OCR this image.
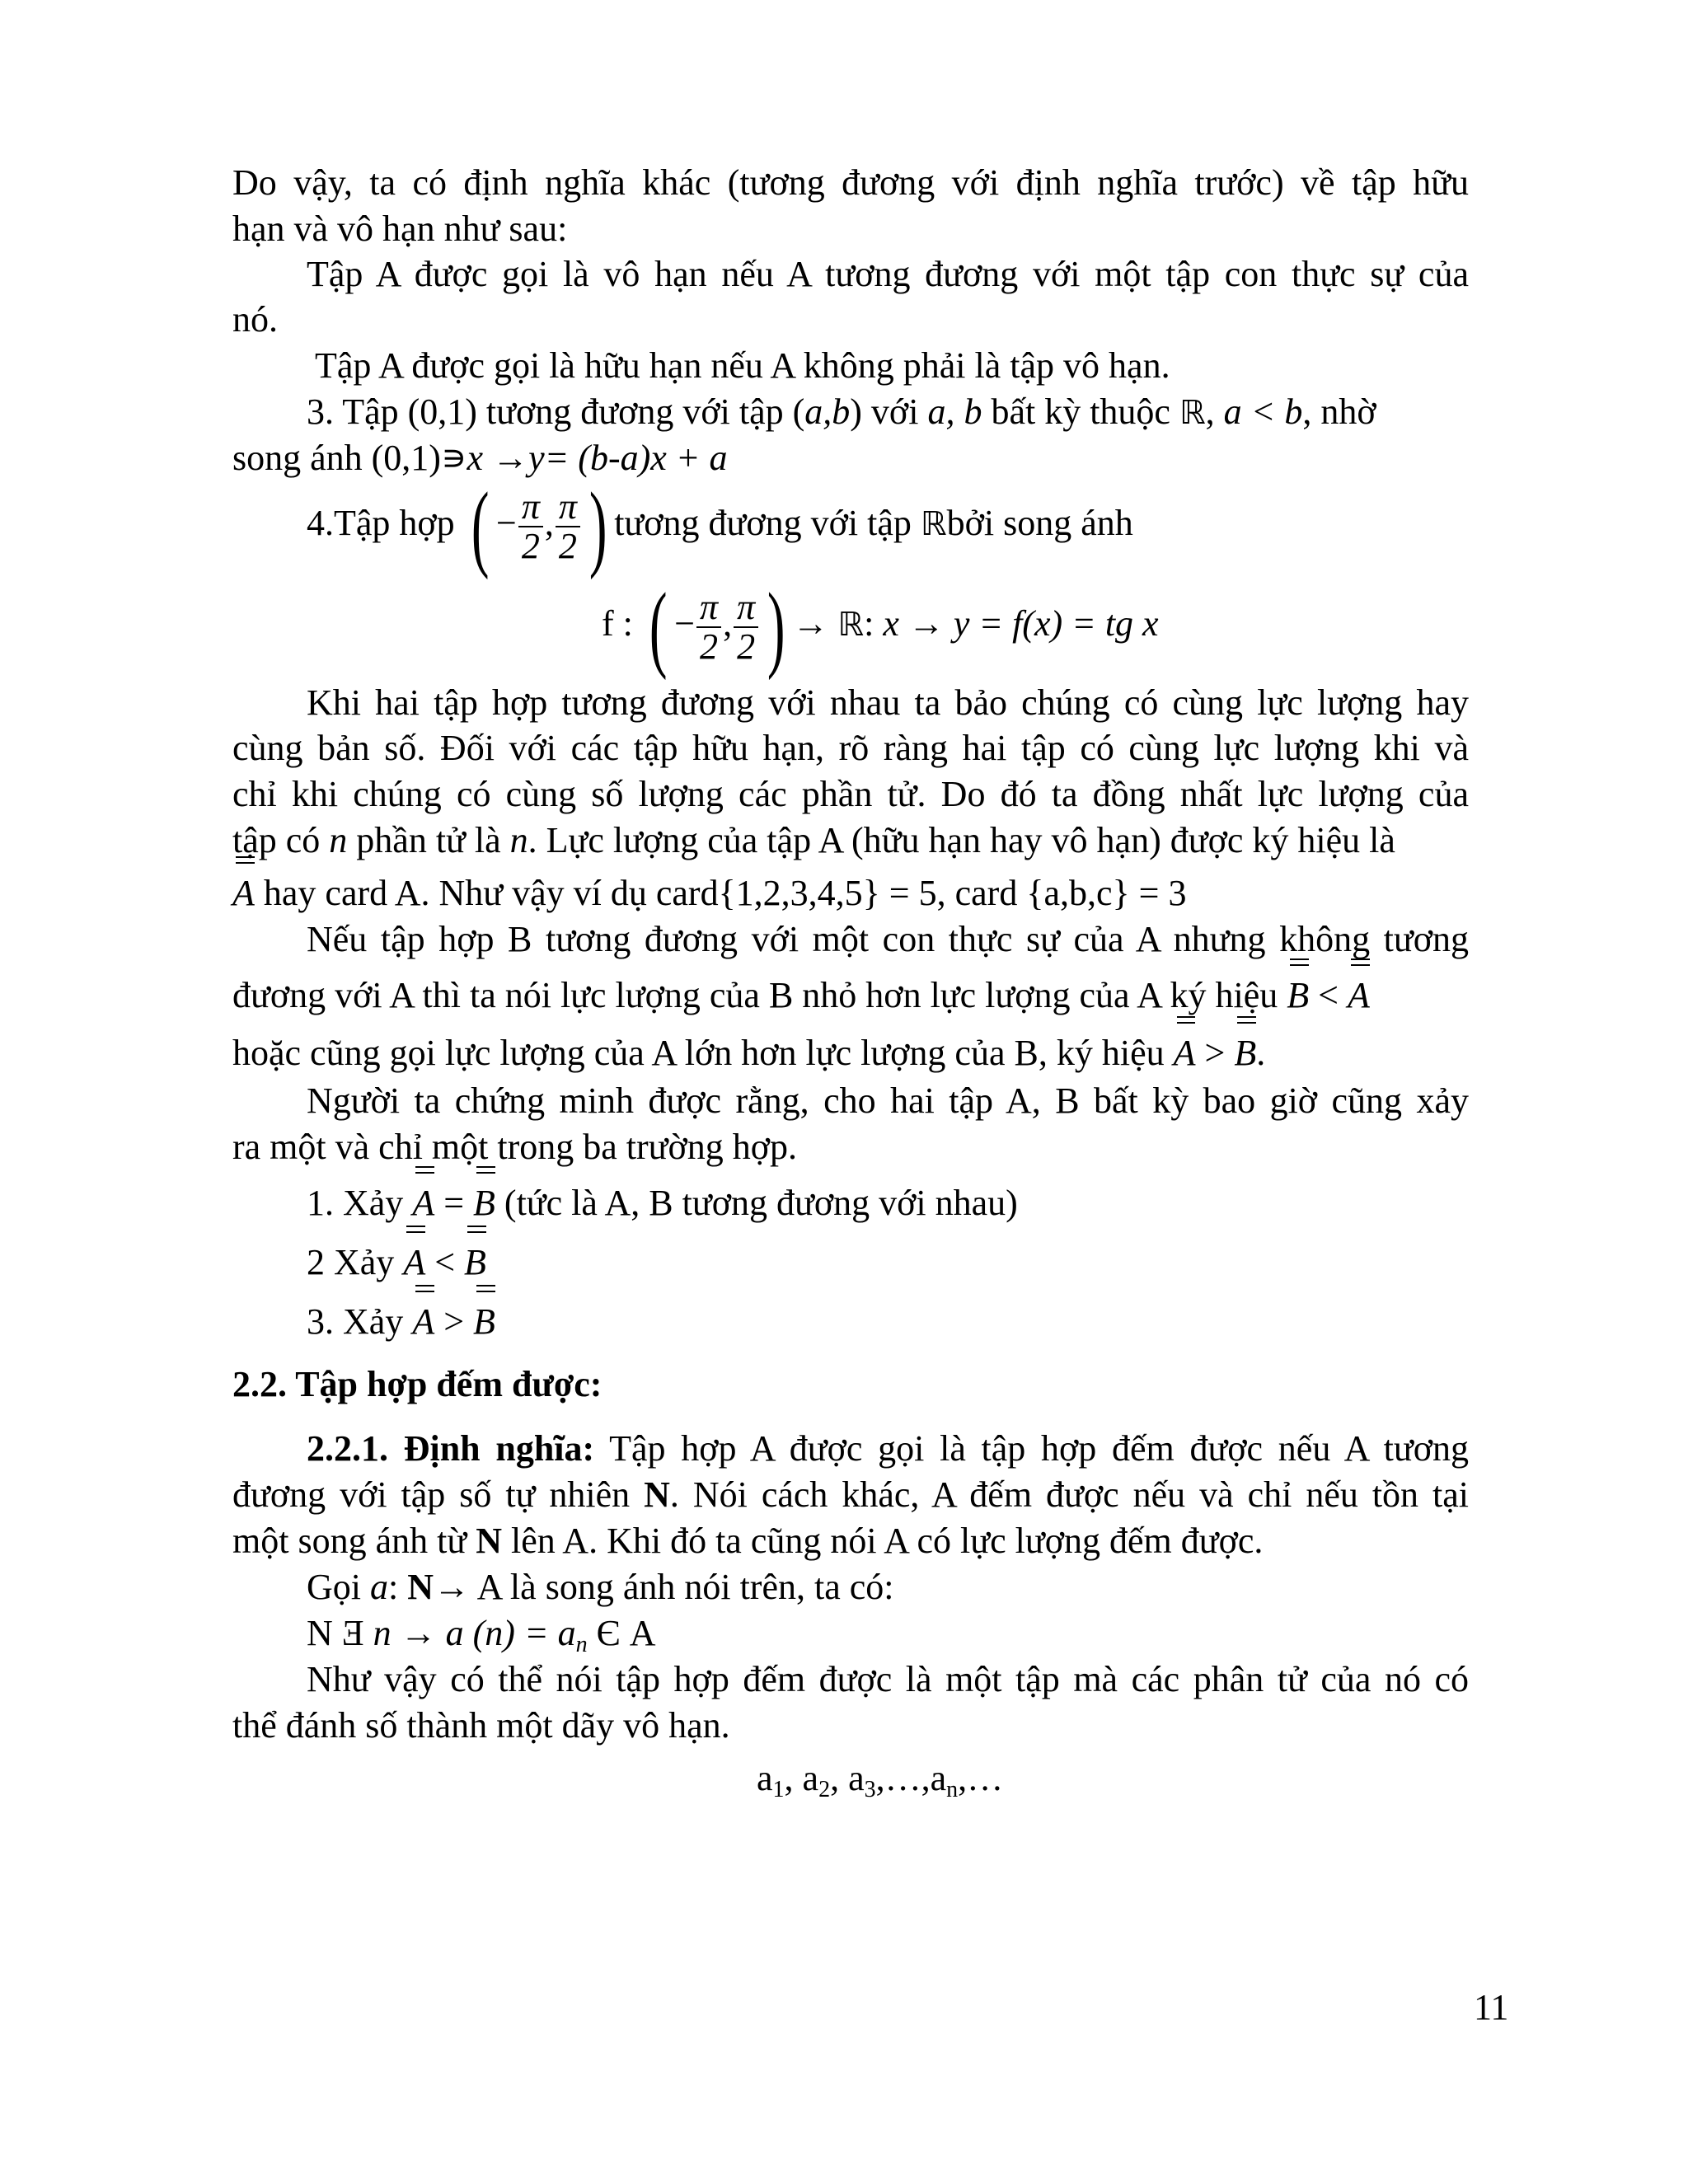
Do vậy, ta có định nghĩa khác (tương đương với định nghĩa trước) về tập hữu
hạn và vô hạn như sau:
Tập A được gọi là vô hạn nếu A tương đương với một tập con thực sự của
nó.
Tập A được gọi là hữu hạn nếu A không phải là tập vô hạn.
3. Tập (0,1) tương đương với tập (a,b) với a, b bất kỳ thuộc ℝ, a < b, nhờ
song ánh (0,1)∍x →y= (b-a)x + a
4.Tập hợp ( − $\frac{\pi}{2}$ , $\frac{\pi}{2}$ ) tương đương với tập ℝbởi song ánh
f : ( − $\frac{\pi}{2}$ , $\frac{\pi}{2}$ ) → ℝ: x → y = f(x) = tg x
Khi hai tập hợp tương đương với nhau ta bảo chúng có cùng lực lượng hay
cùng bản số. Đối với các tập hữu hạn, rõ ràng hai tập có cùng lực lượng khi và
chỉ khi chúng có cùng số lượng các phần tử. Do đó ta đồng nhất lực lượng của
tập có n phần tử là n. Lực lượng của tập A (hữu hạn hay vô hạn) được ký hiệu là
A hay card A. Như vậy ví dụ card{1,2,3,4,5} = 5, card {a,b,c} = 3
Nếu tập hợp B tương đương với một con thực sự của A nhưng không tương
đương với A thì ta nói lực lượng của B nhỏ hơn lực lượng của A ký hiệu B < A
hoặc cũng gọi lực lượng của A lớn hơn lực lượng của B, ký hiệu A > B.
Người ta chứng minh được rằng, cho hai tập A, B bất kỳ bao giờ cũng xảy
ra một và chỉ một trong ba trường hợp.
1. Xảy A = B (tức là A, B tương đương với nhau)
2 Xảy A < B
3. Xảy A > B
2.2. Tập hợp đếm được:
2.2.1. Định nghĩa: Tập hợp A được gọi là tập hợp đếm được nếu A tương
đương với tập số tự nhiên N. Nói cách khác, A đếm được nếu và chỉ nếu tồn tại
một song ánh từ N lên A. Khi đó ta cũng nói A có lực lượng đếm được.
Gọi a: N→ A là song ánh nói trên, ta có:
N Ǝ n → a $(n) = a_n$ Є A
Như vậy có thể nói tập hợp đếm được là một tập mà các phân tử của nó có
thể đánh số thành một dãy vô hạn.
$a_1$, $a_2$, $a_3,\dots,a_n,\dots$
11
